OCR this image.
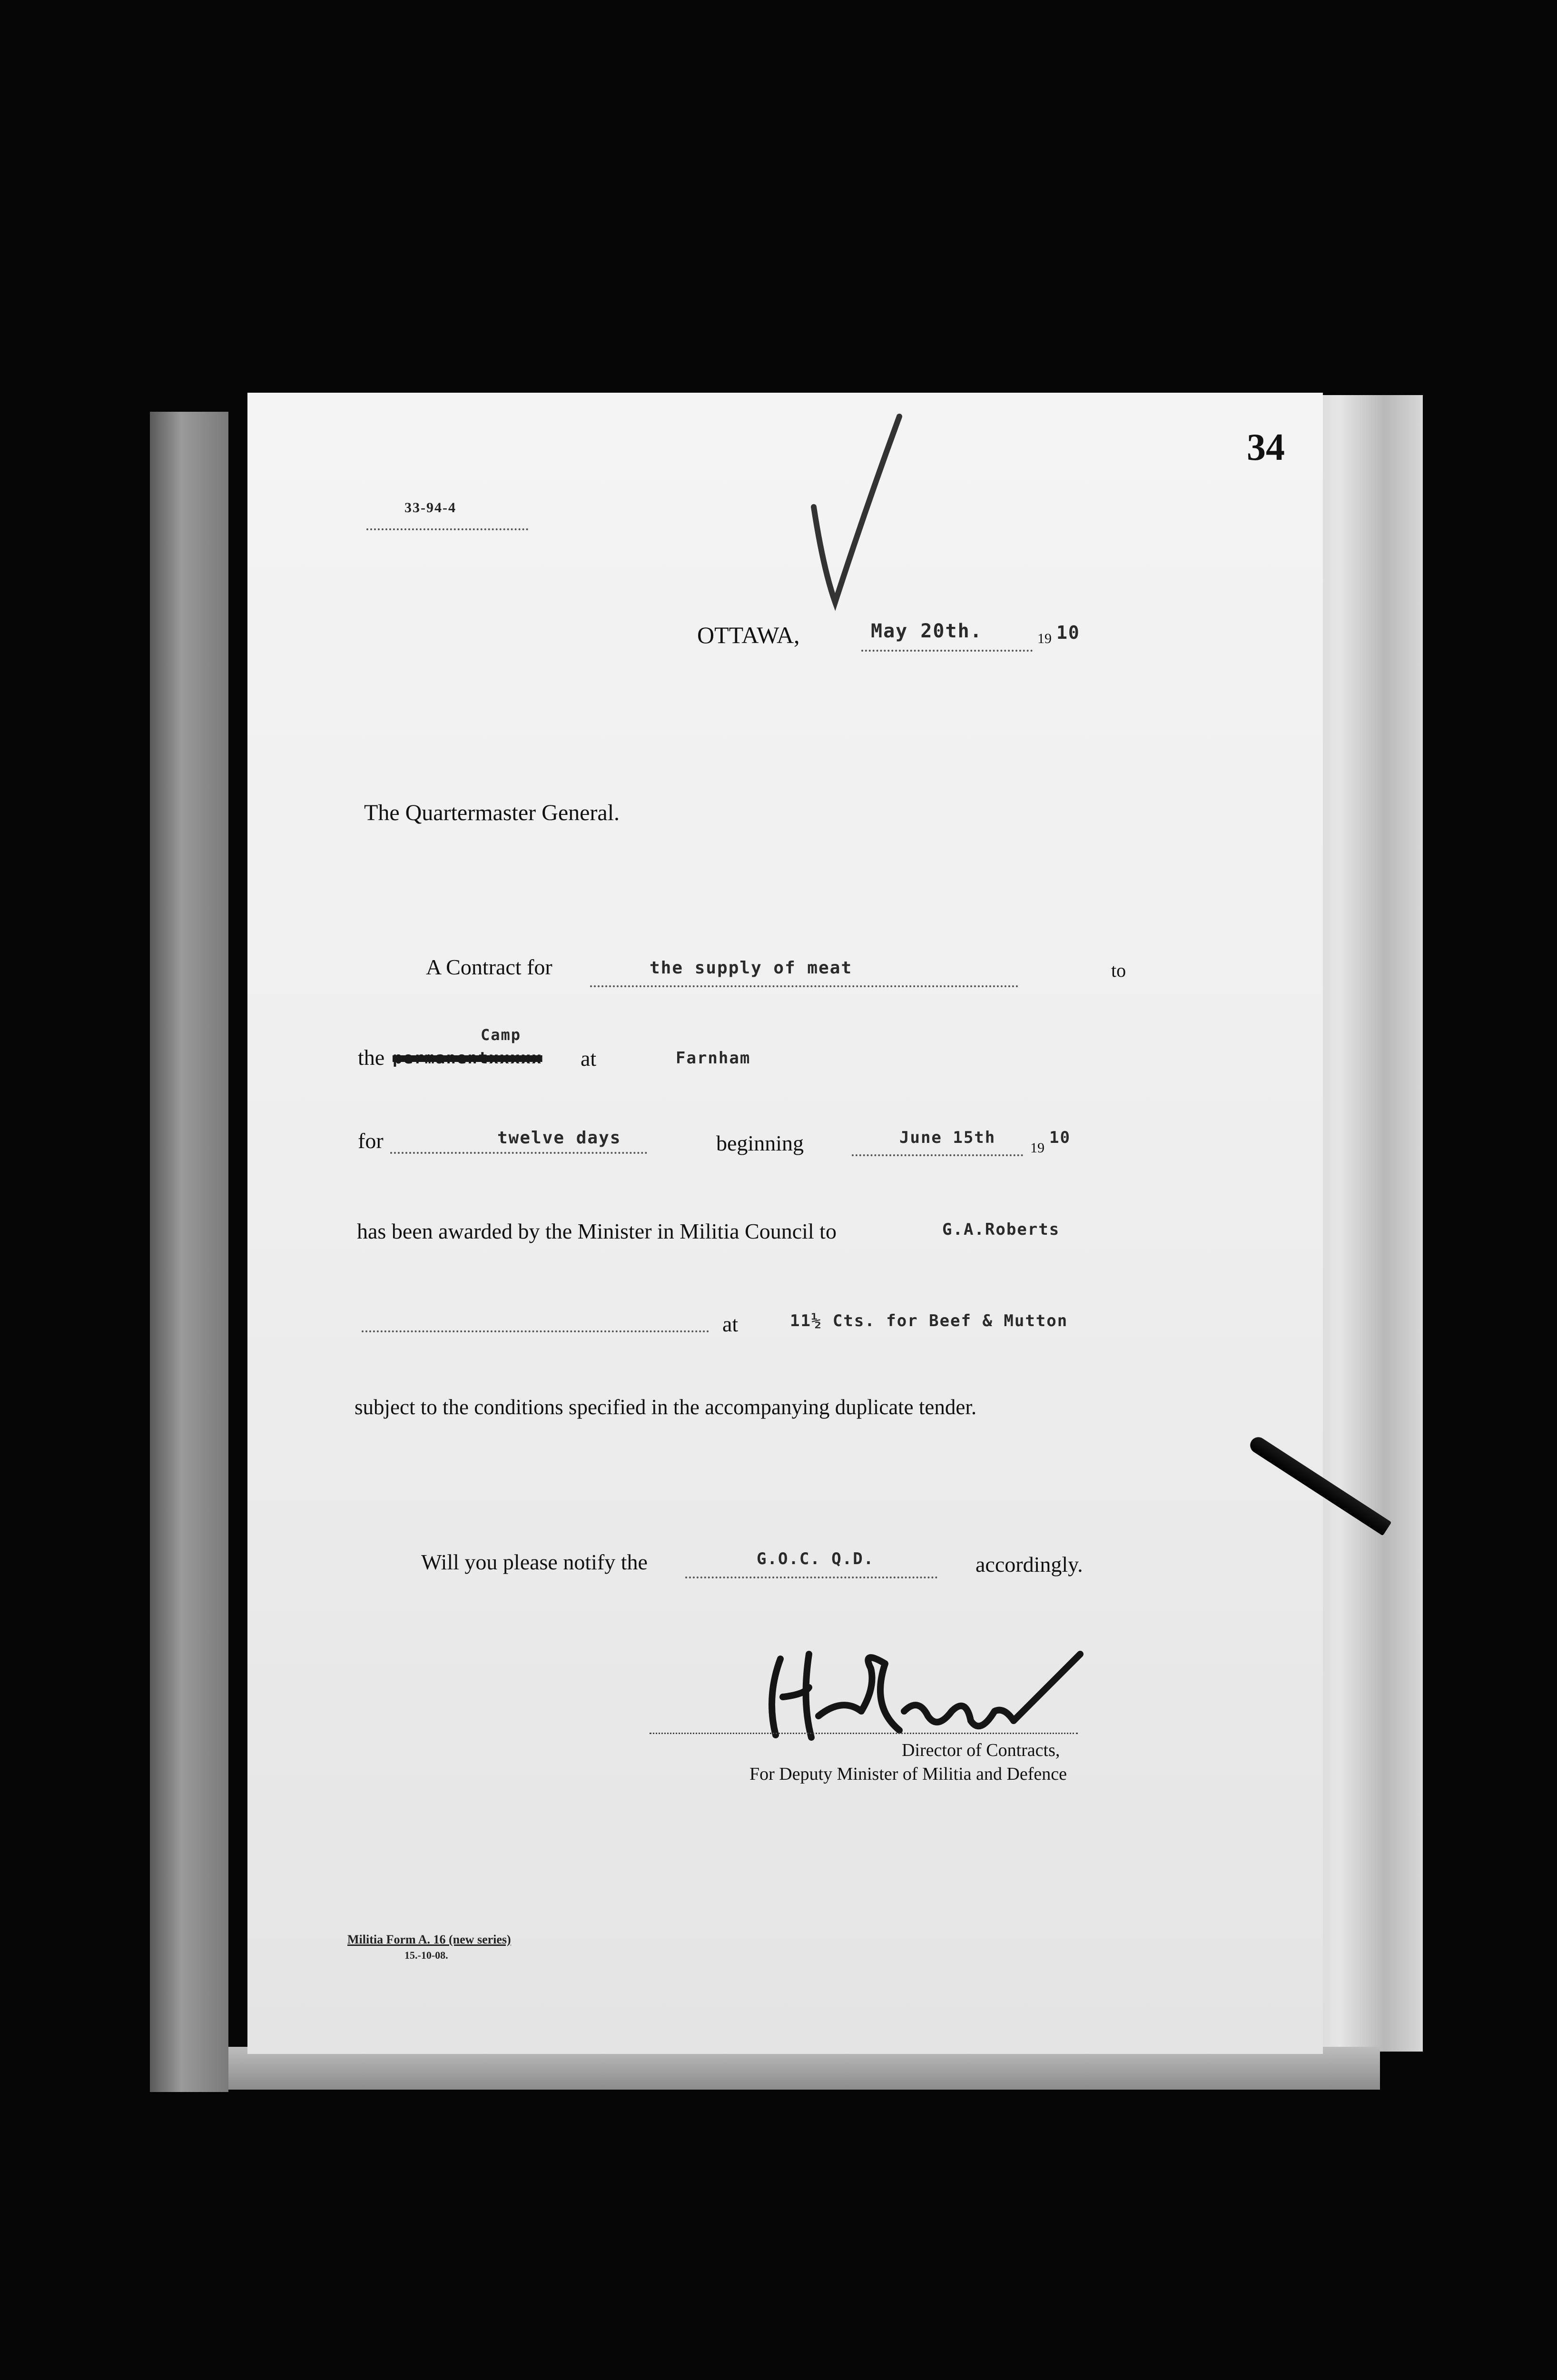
34
33-94-4
OTTAWA,	May 20th.	19 10
The Quartermaster General.
A Contract for	the supply of meat	to
Camp
the permanentxxxxx at	Farnham
for	twelve days	beginning	June 15th
19
10
has been awarded by the Minister in Militia Council to	G.A.Roberts
at	11½ Cts. for Beef & Mutton
subject to the conditions specified in the accompanying duplicate tender.
Will you please notify the	G.O.C. Q.D.	accordingly.
Director of Contracts,
For Deputy Minister of Militia and Defence
Militia Form A. 16 (new series)
15.-10-08.
